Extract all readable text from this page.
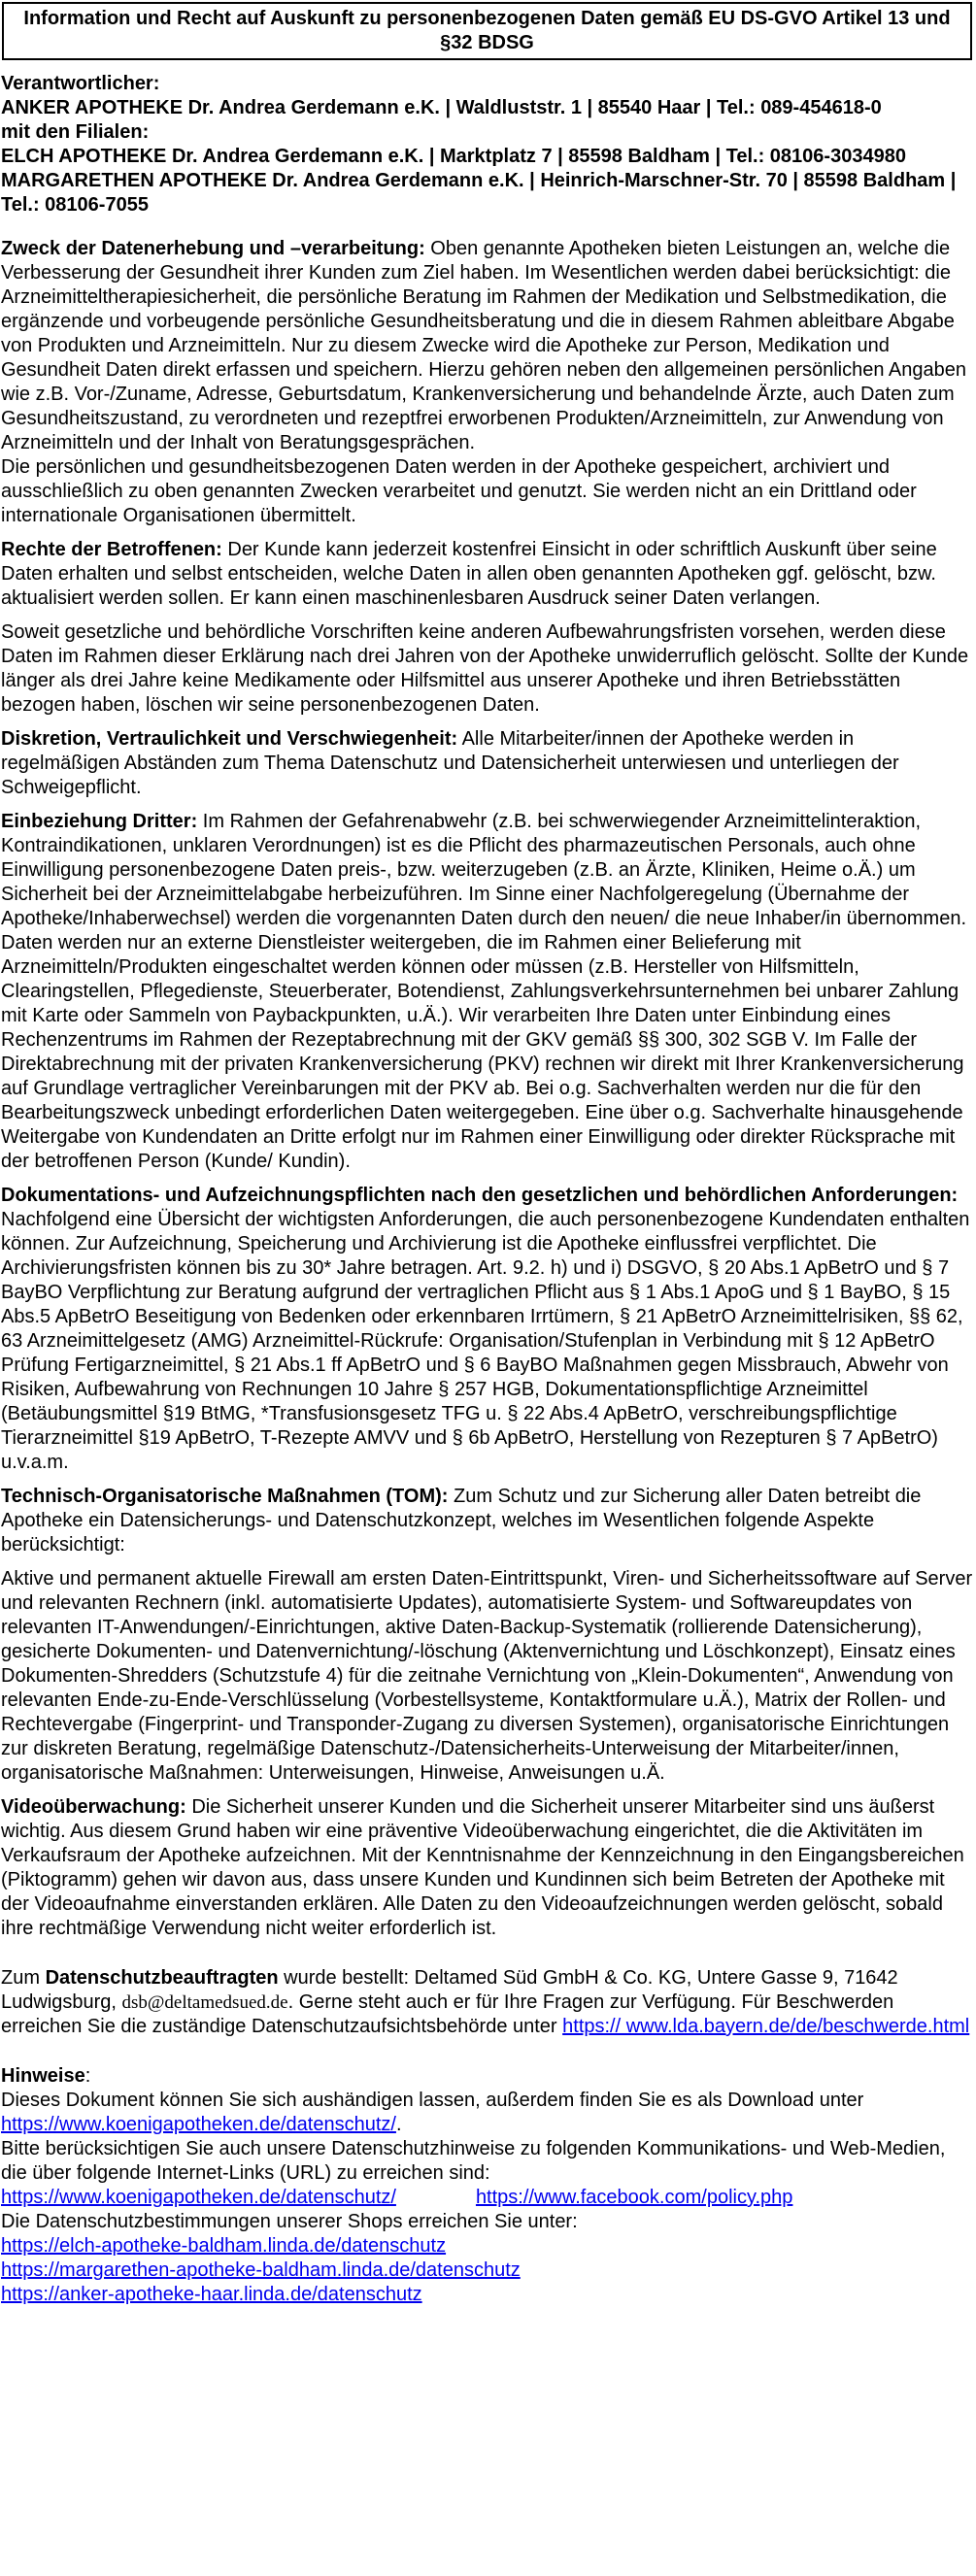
Information und Recht auf Auskunft zu personenbezogenen Daten gemäß EU DS-GVO Artikel 13 und §32 BDSG

Verantwortlicher:

ANKER APOTHEKE Dr. Andrea Gerdemann e.K. | Waldluststr. 1 | 85540 Haar | Tel.: 089-454618-0

mit den Filialen:

ELCH APOTHEKE Dr. Andrea Gerdemann e.K. | Marktplatz 7 | 85598 Baldham | Tel.: 08106-3034980

MARGARETHEN APOTHEKE Dr. Andrea Gerdemann e.K. | Heinrich-Marschner-Str. 70 | 85598 Baldham | Tel.: 08106-7055

Zweck der Datenerhebung und –verarbeitung: Oben genannte Apotheken bieten Leistungen an, welche die Verbesserung der Gesundheit ihrer Kunden zum Ziel haben. Im Wesentlichen werden dabei berücksichtigt: die Arzneimitteltherapiesicherheit, die persönliche Beratung im Rahmen der Medikation und Selbstmedikation, die ergänzende und vorbeugende persönliche Gesundheitsberatung und die in diesem Rahmen ableitbare Abgabe von Produkten und Arzneimitteln. Nur zu diesem Zwecke wird die Apotheke zur Person, Medikation und Gesundheit Daten direkt erfassen und speichern. Hierzu gehören neben den allgemeinen persönlichen Angaben wie z.B. Vor-/Zuname, Adresse, Geburtsdatum, Krankenversicherung und behandelnde Ärzte, auch Daten zum Gesundheitszustand, zu verordneten und rezeptfrei erworbenen Produkten/Arzneimitteln, zur Anwendung von Arzneimitteln und der Inhalt von Beratungsgesprächen.

Die persönlichen und gesundheitsbezogenen Daten werden in der Apotheke gespeichert, archiviert und ausschließlich zu oben genannten Zwecken verarbeitet und genutzt. Sie werden nicht an ein Drittland oder internationale Organisationen übermittelt.

Rechte der Betroffenen: Der Kunde kann jederzeit kostenfrei Einsicht in oder schriftlich Auskunft über seine Daten erhalten und selbst entscheiden, welche Daten in allen oben genannten Apotheken ggf. gelöscht, bzw. aktualisiert werden sollen. Er kann einen maschinenlesbaren Ausdruck seiner Daten verlangen.

Soweit gesetzliche und behördliche Vorschriften keine anderen Aufbewahrungsfristen vorsehen, werden diese Daten im Rahmen dieser Erklärung nach drei Jahren von der Apotheke unwiderruflich gelöscht. Sollte der Kunde länger als drei Jahre keine Medikamente oder Hilfsmittel aus unserer Apotheke und ihren Betriebsstätten bezogen haben, löschen wir seine personenbezogenen Daten.

Diskretion, Vertraulichkeit und Verschwiegenheit: Alle Mitarbeiter/innen der Apotheke werden in regelmäßigen Abständen zum Thema Datenschutz und Datensicherheit unterwiesen und unterliegen der Schweigepflicht.

Einbeziehung Dritter: Im Rahmen der Gefahrenabwehr (z.B. bei schwerwiegender Arzneimittelinteraktion, Kontraindikationen, unklaren Verordnungen) ist es die Pflicht des pharmazeutischen Personals, auch ohne Einwilligung personenbezogene Daten preis-, bzw. weiterzugeben (z.B. an Ärzte, Kliniken, Heime o.Ä.) um Sicherheit bei der Arzneimittelabgabe herbeizuführen. Im Sinne einer Nachfolgeregelung (Übernahme der Apotheke/Inhaberwechsel) werden die vorgenannten Daten durch den neuen/ die neue Inhaber/in übernommen. Daten werden nur an externe Dienstleister weitergeben, die im Rahmen einer Belieferung mit Arzneimitteln/Produkten eingeschaltet werden können oder müssen (z.B. Hersteller von Hilfsmitteln, Clearingstellen, Pflegedienste, Steuerberater, Botendienst, Zahlungsverkehrsunternehmen bei unbarer Zahlung mit Karte oder Sammeln von Paybackpunkten, u.Ä.). Wir verarbeiten Ihre Daten unter Einbindung eines Rechenzentrums im Rahmen der Rezeptabrechnung mit der GKV gemäß §§ 300, 302 SGB V. Im Falle der Direktabrechnung mit der privaten Krankenversicherung (PKV) rechnen wir direkt mit Ihrer Krankenversicherung auf Grundlage vertraglicher Vereinbarungen mit der PKV ab. Bei o.g. Sachverhalten werden nur die für den Bearbeitungszweck unbedingt erforderlichen Daten weitergegeben. Eine über o.g. Sachverhalte hinausgehende Weitergabe von Kundendaten an Dritte erfolgt nur im Rahmen einer Einwilligung oder direkter Rücksprache mit der betroffenen Person (Kunde/ Kundin).

Dokumentations- und Aufzeichnungspflichten nach den gesetzlichen und behördlichen Anforderungen: Nachfolgend eine Übersicht der wichtigsten Anforderungen, die auch personenbezogene Kundendaten enthalten können. Zur Aufzeichnung, Speicherung und Archivierung ist die Apotheke einflussfrei verpflichtet. Die Archivierungsfristen können bis zu 30* Jahre betragen. Art. 9.2. h) und i) DSGVO, § 20 Abs.1 ApBetrO und § 7 BayBO Verpflichtung zur Beratung aufgrund der vertraglichen Pflicht aus § 1 Abs.1 ApoG und § 1 BayBO, § 15 Abs.5 ApBetrO Beseitigung von Bedenken oder erkennbaren Irrtümern, § 21 ApBetrO Arzneimittelrisiken, §§ 62, 63 Arzneimittelgesetz (AMG) Arzneimittel-Rückrufe: Organisation/Stufenplan in Verbindung mit § 12 ApBetrO Prüfung Fertigarzneimittel, § 21 Abs.1 ff ApBetrO und § 6 BayBO Maßnahmen gegen Missbrauch, Abwehr von Risiken, Aufbewahrung von Rechnungen 10 Jahre § 257 HGB, Dokumentationspflichtige Arzneimittel (Betäubungsmittel §19 BtMG, *Transfusionsgesetz TFG u. § 22 Abs.4 ApBetrO, verschreibungspflichtige Tierarzneimittel §19 ApBetrO, T-Rezepte AMVV und § 6b ApBetrO, Herstellung von Rezepturen § 7 ApBetrO) u.v.a.m.

Technisch-Organisatorische Maßnahmen (TOM): Zum Schutz und zur Sicherung aller Daten betreibt die Apotheke ein Datensicherungs- und Datenschutzkonzept, welches im Wesentlichen folgende Aspekte berücksichtigt:

Aktive und permanent aktuelle Firewall am ersten Daten-Eintrittspunkt, Viren- und Sicherheitssoftware auf Server und relevanten Rechnern (inkl. automatisierte Updates), automatisierte System- und Softwareupdates von relevanten IT-Anwendungen/-Einrichtungen, aktive Daten-Backup-Systematik (rollierende Datensicherung), gesicherte Dokumenten- und Datenvernichtung/-löschung (Aktenvernichtung und Löschkonzept), Einsatz eines Dokumenten-Shredders (Schutzstufe 4) für die zeitnahe Vernichtung von „Klein-Dokumenten“, Anwendung von relevanten Ende-zu-Ende-Verschlüsselung (Vorbestellsysteme, Kontaktformulare u.Ä.), Matrix der Rollen- und Rechtevergabe (Fingerprint- und Transponder-Zugang zu diversen Systemen), organisatorische Einrichtungen zur diskreten Beratung, regelmäßige Datenschutz-/Datensicherheits-Unterweisung der Mitarbeiter/innen, organisatorische Maßnahmen: Unterweisungen, Hinweise, Anweisungen u.Ä.

Videoüberwachung: Die Sicherheit unserer Kunden und die Sicherheit unserer Mitarbeiter sind uns äußerst wichtig. Aus diesem Grund haben wir eine präventive Videoüberwachung eingerichtet, die die Aktivitäten im Verkaufsraum der Apotheke aufzeichnen. Mit der Kenntnisnahme der Kennzeichnung in den Eingangsbereichen (Piktogramm) gehen wir davon aus, dass unsere Kunden und Kundinnen sich beim Betreten der Apotheke mit der Videoaufnahme einverstanden erklären. Alle Daten zu den Videoaufzeichnungen werden gelöscht, sobald ihre rechtmäßige Verwendung nicht weiter erforderlich ist.

Zum Datenschutzbeauftragten wurde bestellt: Deltamed Süd GmbH & Co. KG, Untere Gasse 9, 71642 Ludwigsburg, dsb@deltamedsued.de. Gerne steht auch er für Ihre Fragen zur Verfügung. Für Beschwerden erreichen Sie die zuständige Datenschutzaufsichtsbehörde unter https:// www.lda.bayern.de/de/beschwerde.html

Hinweise:

Dieses Dokument können Sie sich aushändigen lassen, außerdem finden Sie es als Download unter https://www.koenigapotheken.de/datenschutz/.

Bitte berücksichtigen Sie auch unsere Datenschutzhinweise zu folgenden Kommunikations- und Web-Medien, die über folgende Internet-Links (URL) zu erreichen sind:

https://www.koenigapotheken.de/datenschutz/	https://www.facebook.com/policy.php

Die Datenschutzbestimmungen unserer Shops erreichen Sie unter:

https://elch-apotheke-baldham.linda.de/datenschutz

https://margarethen-apotheke-baldham.linda.de/datenschutz

https://anker-apotheke-haar.linda.de/datenschutz
